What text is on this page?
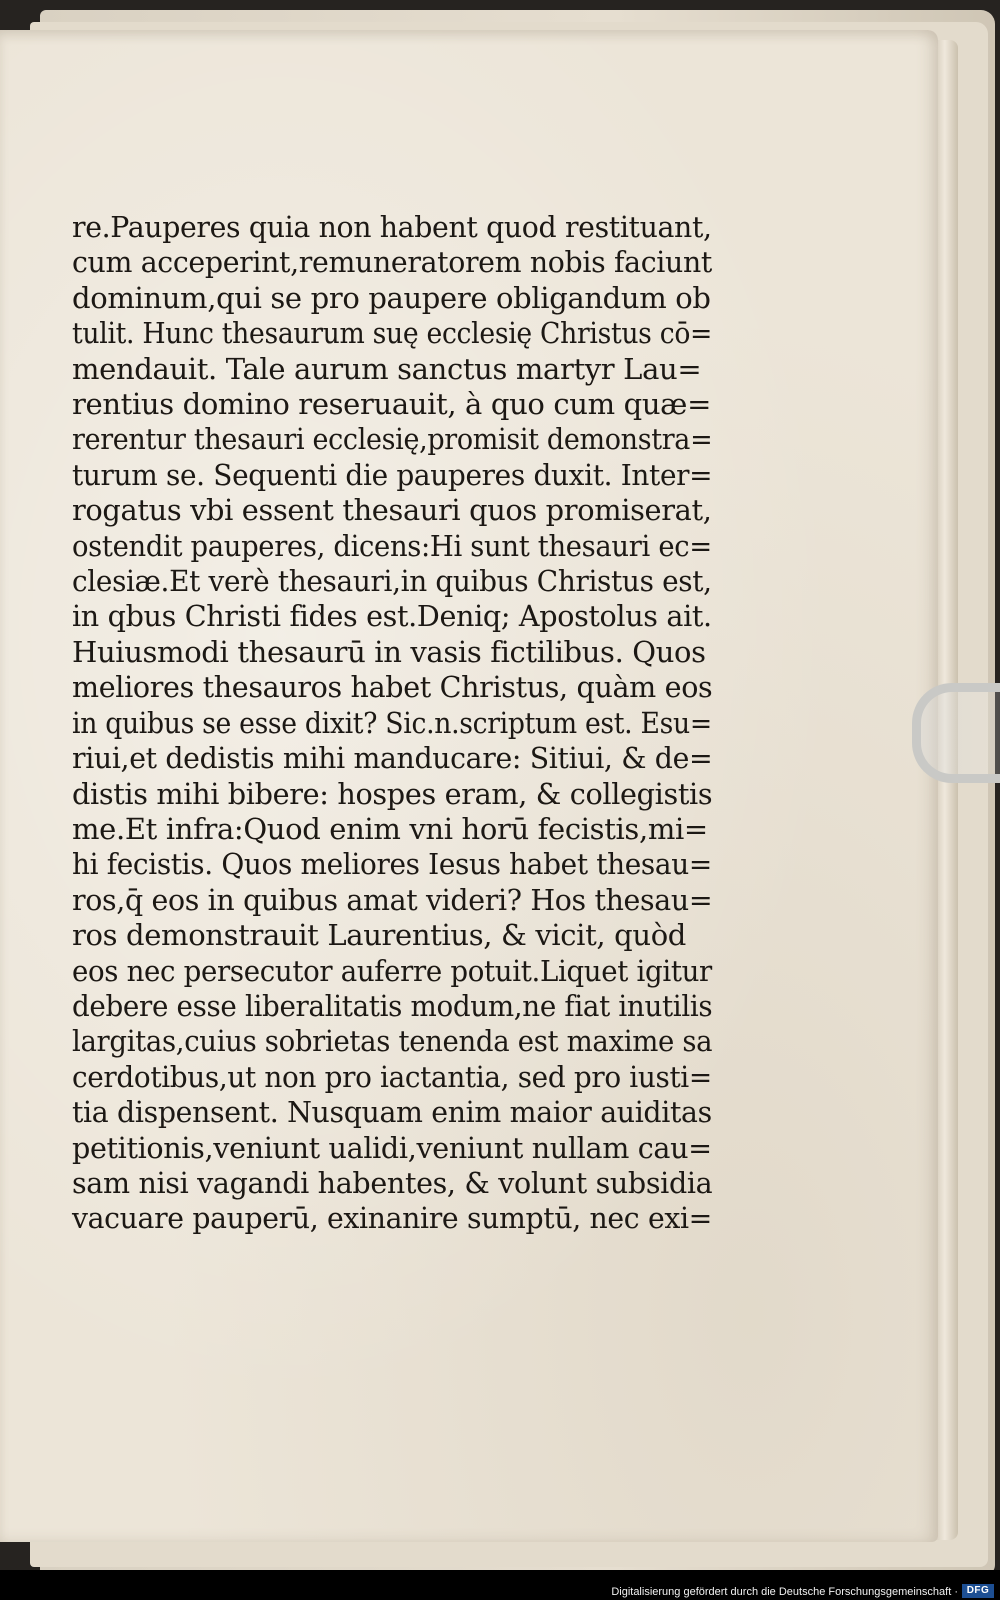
re.Pauperes quia non habent quod restituant,
cum acceperint,remuneratorem nobis faciunt
dominum,qui se pro paupere obligandum ob
tulit. Hunc thesaurum suę ecclesię Christus cō=
mendauit. Tale aurum sanctus martyr Lau=
rentius domino reseruauit, à quo cum quæ=
rerentur thesauri ecclesię,promisit demonstra=
turum se. Sequenti die pauperes duxit. Inter=
rogatus vbi essent thesauri quos promiserat,
ostendit pauperes, dicens:Hi sunt thesauri ec=
clesiæ.Et verè thesauri,in quibus Christus est,
in qbus Christi fides est.Deniq; Apostolus ait.
Huiusmodi thesaurū in vasis fictilibus. Quos
meliores thesauros habet Christus, quàm eos
in quibus se esse dixit? Sic.n.scriptum est. Esu=
riui,et dedistis mihi manducare: Sitiui, & de=
distis mihi bibere: hospes eram, & collegistis
me.Et infra:Quod enim vni horū fecistis,mi=
hi fecistis. Quos meliores Iesus habet thesau=
ros,q̄ eos in quibus amat videri? Hos thesau=
ros demonstrauit Laurentius, & vicit, quòd
eos nec persecutor auferre potuit.Liquet igitur
debere esse liberalitatis modum,ne fiat inutilis
largitas,cuius sobrietas tenenda est maxime sa
cerdotibus,ut non pro iactantia, sed pro iusti=
tia dispensent. Nusquam enim maior auiditas
petitionis,veniunt ualidi,veniunt nullam cau=
sam nisi vagandi habentes, & volunt subsidia
vacuare pauperū, exinanire sumptū, nec exi=
Digitalisierung gefördert durch die Deutsche Forschungsgemeinschaft · DFG
